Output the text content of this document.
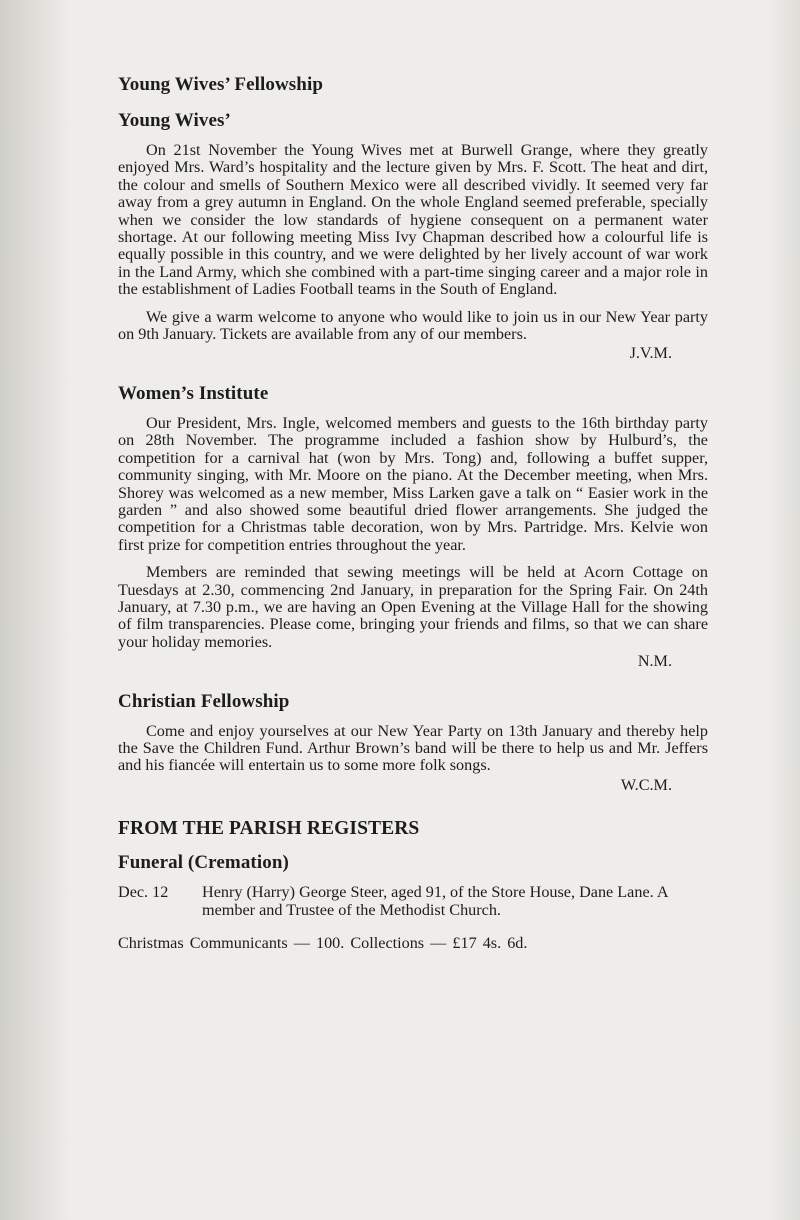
Young Wives’ Fellowship
Young Wives’

On 21st November the Young Wives met at Burwell Grange, where they greatly enjoyed Mrs. Ward’s hospitality and the lecture given by Mrs. F. Scott. The heat and dirt, the colour and smells of Southern Mexico were all described vividly. It seemed very far away from a grey autumn in England. On the whole England seemed preferable, specially when we consider the low standards of hygiene consequent on a permanent water shortage. At our following meeting Miss Ivy Chapman described how a colourful life is equally possible in this country, and we were delighted by her lively account of war work in the Land Army, which she combined with a part-time singing career and a major role in the establishment of Ladies Football teams in the South of England.

We give a warm welcome to anyone who would like to join us in our New Year party on 9th January. Tickets are available from any of our members.

J.V.M.
Women’s Institute

Our President, Mrs. Ingle, welcomed members and guests to the 16th birthday party on 28th November. The programme included a fashion show by Hulburd’s, the competition for a carnival hat (won by Mrs. Tong) and, following a buffet supper, community singing, with Mr. Moore on the piano. At the December meeting, when Mrs. Shorey was welcomed as a new member, Miss Larken gave a talk on “ Easier work in the garden ” and also showed some beautiful dried flower arrangements. She judged the competition for a Christmas table decoration, won by Mrs. Partridge. Mrs. Kelvie won first prize for competition entries throughout the year.

Members are reminded that sewing meetings will be held at Acorn Cottage on Tuesdays at 2.30, commencing 2nd January, in preparation for the Spring Fair. On 24th January, at 7.30 p.m., we are having an Open Evening at the Village Hall for the showing of film transparencies. Please come, bringing your friends and films, so that we can share your holiday memories.

N.M.
Christian Fellowship

Come and enjoy yourselves at our New Year Party on 13th January and thereby help the Save the Children Fund. Arthur Brown’s band will be there to help us and Mr. Jeffers and his fiancée will entertain us to some more folk songs.

W.C.M.
FROM THE PARISH REGISTERS
Funeral (Cremation)
Dec. 12	Henry (Harry) George Steer, aged 91, of the Store House, Dane Lane. A member and Trustee of the Methodist Church.
Christmas Communicants — 100. Collections — £17 4s. 6d.
